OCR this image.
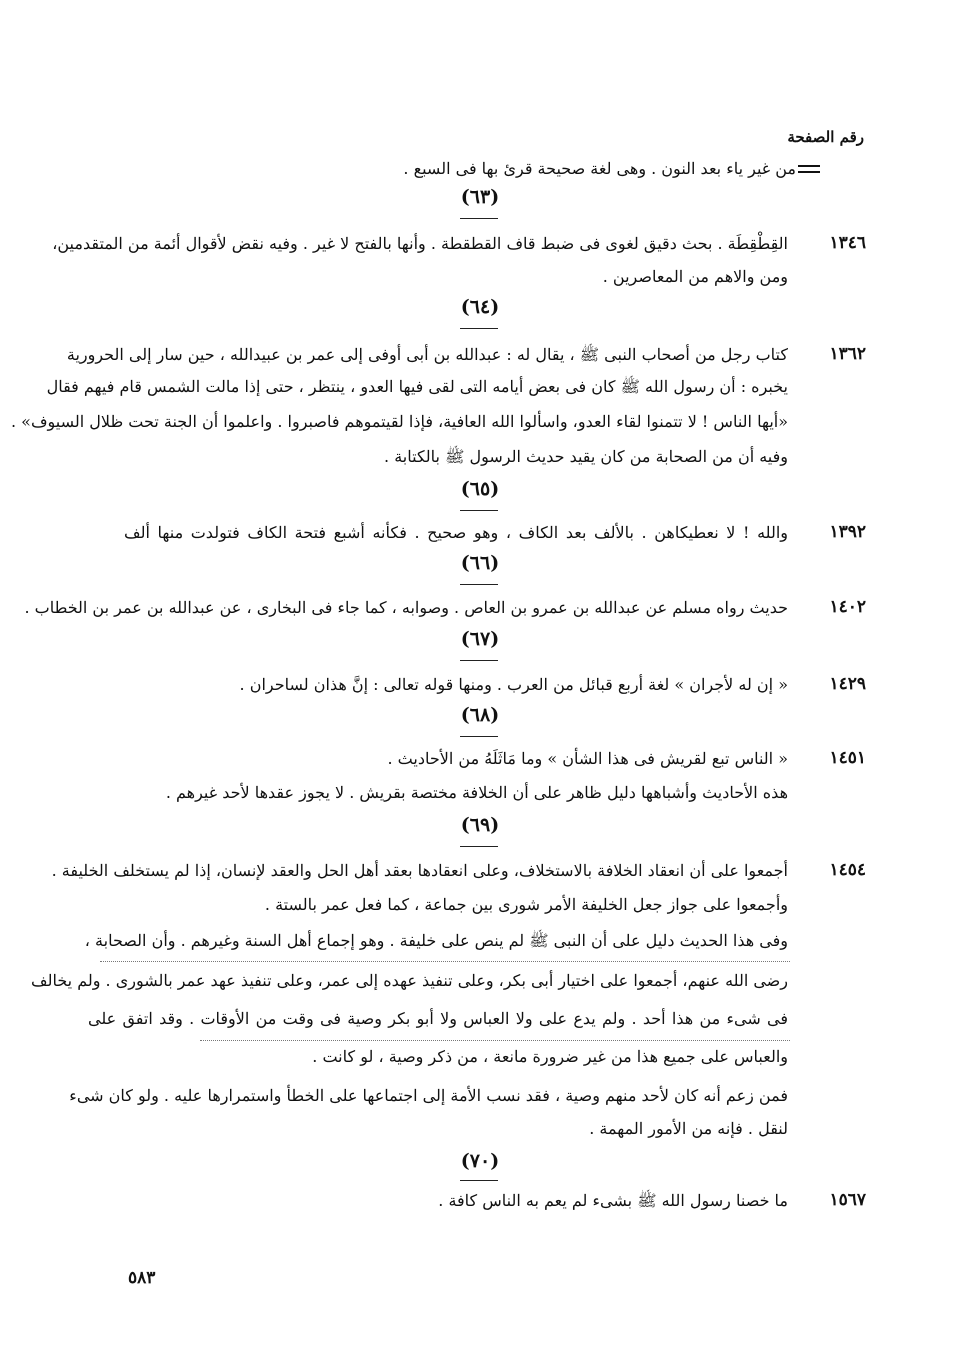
رقم الصفحة
من غير ياء بعد النون . وهى لغة صحيحة قرئ بها فى السبع .
(٦٣)
١٣٤٦
القِطْقِطَة . بحث دقيق لغوى فى ضبط قاف القطقطة . وأنها بالفتح لا غير . وفيه نقض لأقوال أئمة من المتقدمين،
ومن والاهم من المعاصرين .
(٦٤)
١٣٦٢
كتاب رجل من أصحاب النبى ﷺ ، يقال له : عبدالله بن أبى أوفى إلى عمر بن عبيدالله ، حين سار إلى الحرورية
يخبره : أن رسول الله ﷺ كان فى بعض أيامه التى لقى فيها العدو ، ينتظر ، حتى إذا مالت الشمس قام فيهم فقال
«أيها الناس ! لا تتمنوا لقاء العدو، واسألوا الله العافية، فإذا لقيتموهم فاصبروا . واعلموا أن الجنة تحت ظلال السيوف» .
وفيه أن من الصحابة من كان يقيد حديث الرسول ﷺ بالكتابة .
(٦٥)
١٣٩٢
والله ! لا نعطيكاهن . بالألف بعد الكاف ، وهو صحيح . فكأنه أشبع فتحة الكاف فتولدت منها ألف
(٦٦)
١٤٠٢
حديث رواه مسلم عن عبدالله بن عمرو بن العاص . وصوابه ، كما جاء فى البخارى ، عن عبدالله بن عمر بن الخطاب .
(٦٧)
١٤٢٩
« إن له لأجران » لغة أربع قبائل من العرب . ومنها قوله تعالى : إنَّ هذان لساحران .
(٦٨)
١٤٥١
« الناس تبع لقريش فى هذا الشأن » وما مَاثَلَهُ من الأحاديث .
هذه الأحاديث وأشباهها دليل ظاهر على أن الخلافة مختصة بقريش . لا يجوز عقدها لأحد غيرهم .
(٦٩)
١٤٥٤
أجمعوا على أن انعقاد الخلافة بالاستخلاف، وعلى انعقادها بعقد أهل الحل والعقد لإنسان، إذا لم يستخلف الخليفة .
وأجمعوا على جواز جعل الخليفة الأمر شورى بين جماعة ، كما فعل عمر بالستة .
وفى هذا الحديث دليل على أن النبى ﷺ لم ينص على خليفة . وهو إجماع أهل السنة وغيرهم . وأن الصحابة ،
رضى الله عنهم، أجمعوا على اختيار أبى بكر، وعلى تنفيذ عهده إلى عمر، وعلى تنفيذ عهد عمر بالشورى . ولم يخالف
فى شىء من هذا أحد . ولم يدع على ولا العباس ولا أبو بكر وصية فى وقت من الأوقات . وقد اتفق على
والعباس على جميع هذا من غير ضرورة مانعة ، من ذكر وصية ، لو كانت .
فمن زعم أنه كان لأحد منهم وصية ، فقد نسب الأمة إلى اجتماعها على الخطأ واستمرارها عليه . ولو كان شىء
لنقل . فإنه من الأمور المهمة .
(٧٠)
١٥٦٧
ما خصنا رسول الله ﷺ بشىء لم يعم به الناس كافة .
٥٨٣
